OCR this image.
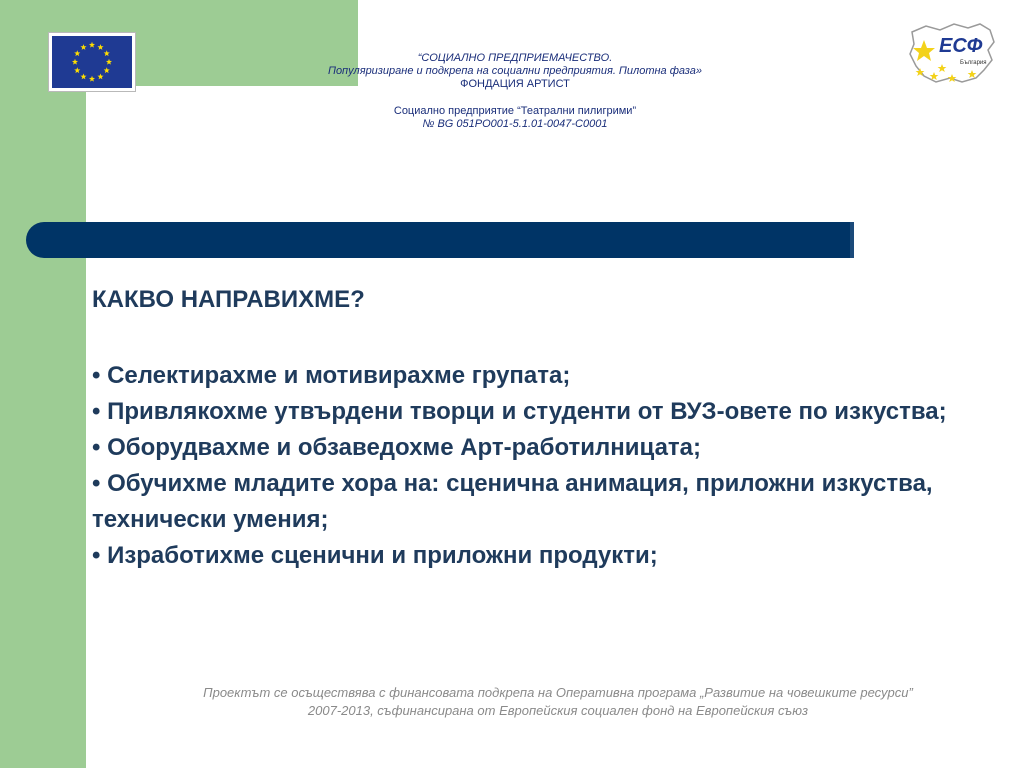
“СОЦИАЛНО ПРЕДПРИЕМАЧЕСТВО.
Популяризиране и подкрепа на социални предприятия. Пилотна фаза»
ФОНДАЦИЯ АРТИСТ
Социално предприятие “Театрални пилигрими”
№ BG 051PO001-5.1.01-0047-C0001
ЕСФ
България
КАКВО НАПРАВИХМЕ?

• Селектирахме и мотивирахме групата;

• Привлякохме утвърдени творци и студенти от ВУЗ-овете по изкуства;

• Оборудвахме и обзаведохме Арт-работилницата;

• Обучихме младите хора на: сценична анимация, приложни изкуства, технически умения;

• Изработихме сценични и приложни продукти;

Проектът се осъществява с финансовата подкрепа на Оперативна програма „Развитие на човешките ресурси”
2007-2013, съфинансирана от Европейския социален фонд на Европейския съюз
